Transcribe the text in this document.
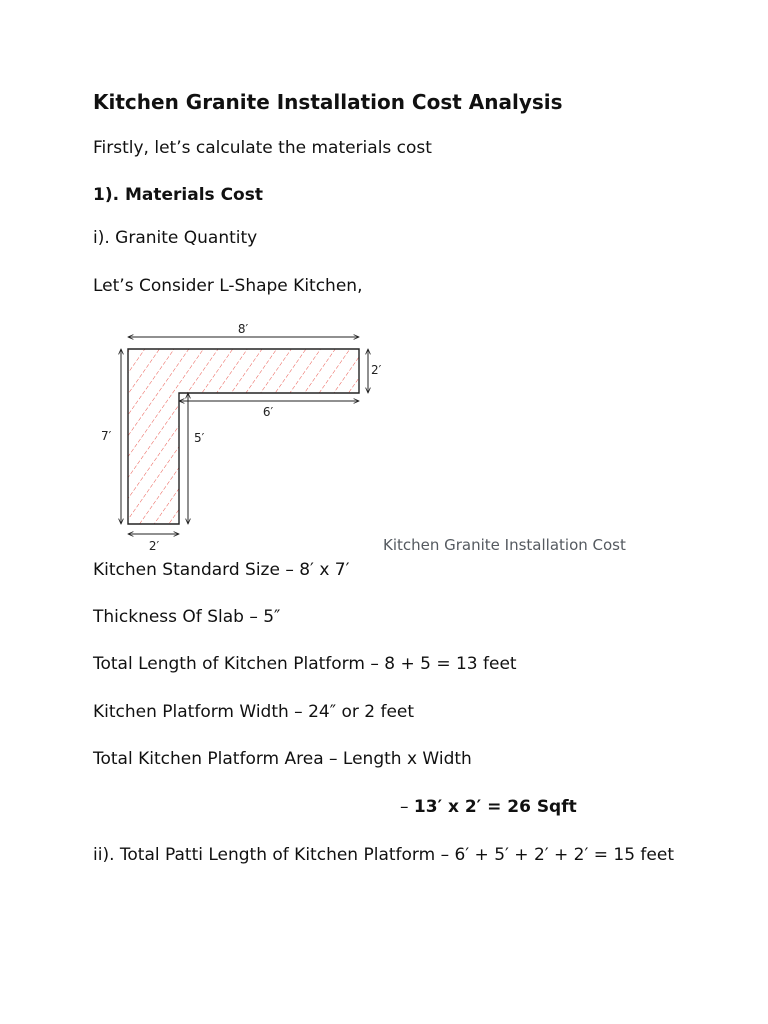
Kitchen Granite Installation Cost Analysis
Firstly, let’s calculate the materials cost
1). Materials Cost
i). Granite Quantity
Let’s Consider L-Shape Kitchen,
8′
2′
6′
7′	5′
2′	Kitchen Granite Installation Cost
Kitchen Standard Size – 8′ x 7′
Thickness Of Slab – 5″
Total Length of Kitchen Platform – 8 + 5 = 13 feet
Kitchen Platform Width – 24″ or 2 feet
Total Kitchen Platform Area – Length x Width
– 13′ x 2′ = 26 Sqft
ii). Total Patti Length of Kitchen Platform – 6′ + 5′ + 2′ + 2′ = 15 feet
